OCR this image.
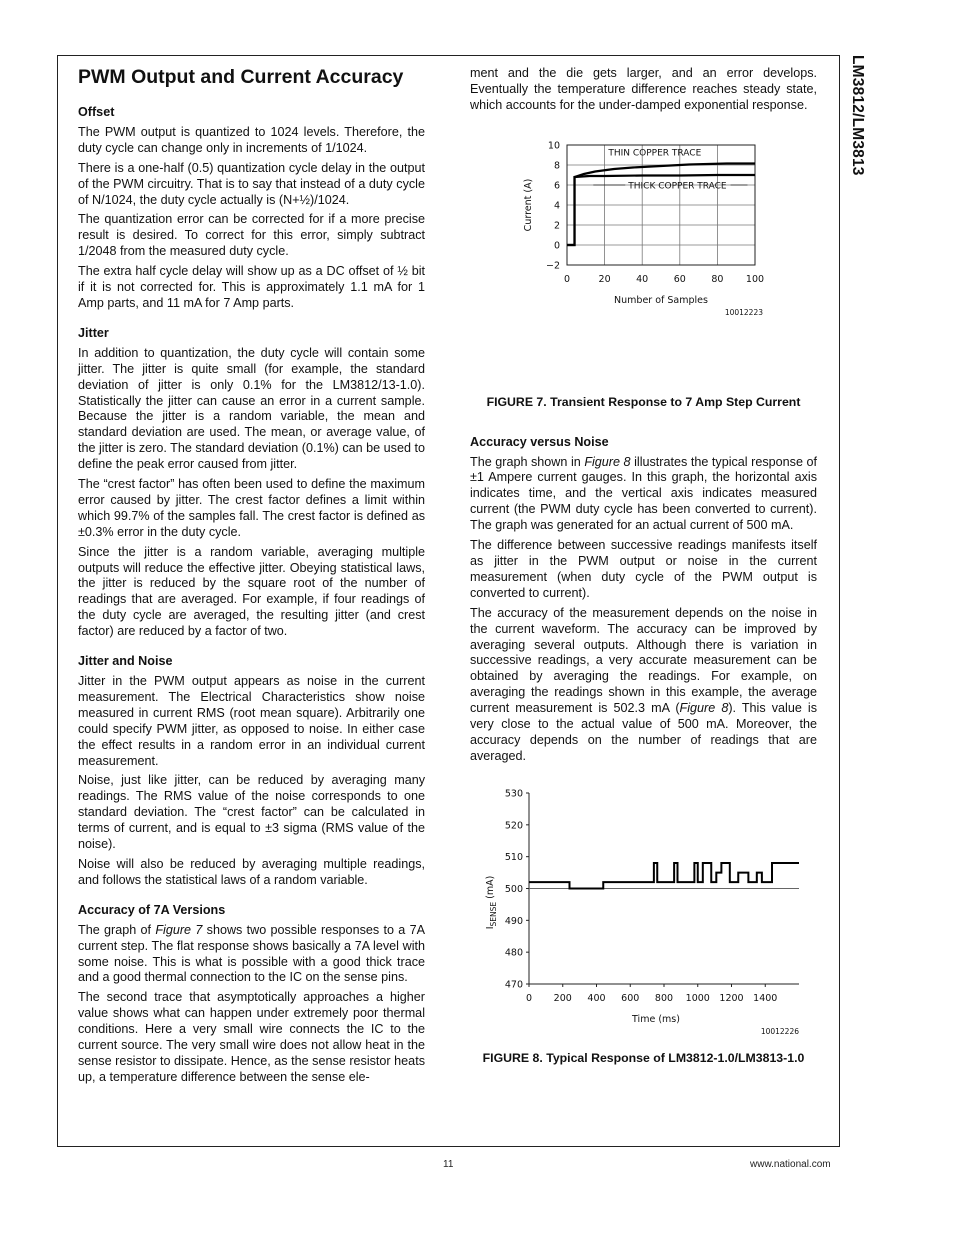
LM3812/LM3813
PWM Output and Current Accuracy
Offset

The PWM output is quantized to 1024 levels. Therefore, the duty cycle can change only in increments of 1/1024.

There is a one-half (0.5) quantization cycle delay in the output of the PWM circuitry. That is to say that instead of a duty cycle of N/1024, the duty cycle actually is (N+½)/1024.

The quantization error can be corrected for if a more precise result is desired. To correct for this error, simply subtract 1/2048 from the measured duty cycle.

The extra half cycle delay will show up as a DC offset of ½ bit if it is not corrected for. This is approximately 1.1 mA for 1 Amp parts, and 11 mA for 7 Amp parts.

Jitter

In addition to quantization, the duty cycle will contain some jitter. The jitter is quite small (for example, the standard deviation of jitter is only 0.1% for the LM3812/13-1.0). Statistically the jitter can cause an error in a current sample. Because the jitter is a random variable, the mean and standard deviation are used. The mean, or average value, of the jitter is zero. The standard deviation (0.1%) can be used to define the peak error caused from jitter.

The “crest factor” has often been used to define the maximum error caused by jitter. The crest factor defines a limit within which 99.7% of the samples fall. The crest factor is defined as ±0.3% error in the duty cycle.

Since the jitter is a random variable, averaging multiple outputs will reduce the effective jitter. Obeying statistical laws, the jitter is reduced by the square root of the number of readings that are averaged. For example, if four readings of the duty cycle are averaged, the resulting jitter (and crest factor) are reduced by a factor of two.

Jitter and Noise

Jitter in the PWM output appears as noise in the current measurement. The Electrical Characteristics show noise measured in current RMS (root mean square). Arbitrarily one could specify PWM jitter, as opposed to noise. In either case the effect results in a random error in an individual current measurement.

Noise, just like jitter, can be reduced by averaging many readings. The RMS value of the noise corresponds to one standard deviation. The “crest factor” can be calculated in terms of current, and is equal to ±3 sigma (RMS value of the noise).

Noise will also be reduced by averaging multiple readings, and follows the statistical laws of a random variable.

Accuracy of 7A Versions

The graph of Figure 7 shows two possible responses to a 7A current step. The flat response shows basically a 7A level with some noise. This is what is possible with a good thick trace and a good thermal connection to the IC on the sense pins.

The second trace that asymptotically approaches a higher value shows what can happen under extremely poor thermal conditions. Here a very small wire connects the IC to the current source. The very small wire does not allow heat in the sense resistor to dissipate. Hence, as the sense resistor heats up, a temperature difference between the sense ele-

ment and the die gets larger, and an error develops. Eventually the temperature difference reaches steady state, which accounts for the under-damped exponential response.

0	20	40	60	80 100
−2
0
2
4
6
8
10
Number of Samples
Current (A)
THIN COPPER TRACE
THICK COPPER TRACE
10012223
FIGURE 7. Transient Response to 7 Amp Step Current
Accuracy versus Noise

The graph shown in Figure 8 illustrates the typical response of ±1 Ampere current gauges. In this graph, the horizontal axis indicates time, and the vertical axis indicates measured current (the PWM duty cycle has been converted to current). The graph was generated for an actual current of 500 mA.

The difference between successive readings manifests itself as jitter in the PWM output or noise in the current measurement (when duty cycle of the PWM output is converted to current).

The accuracy of the measurement depends on the noise in the current waveform. The accuracy can be improved by averaging several outputs. Although there is variation in successive readings, a very accurate measurement can be obtained by averaging the readings. For example, on averaging the readings shown in this example, the average current measurement is 502.3 mA (Figure 8). This value is very close to the actual value of 500 mA. Moreover, the accuracy depends on the number of readings that are averaged.

470
480
490
500
510
520
530
0 200 400 600 800 1000 1200 1400
Time (ms)
$I_{SENSE}$ (mA)
10012226
FIGURE 8. Typical Response of LM3812-1.0/LM3813-1.0
11	www.national.com
